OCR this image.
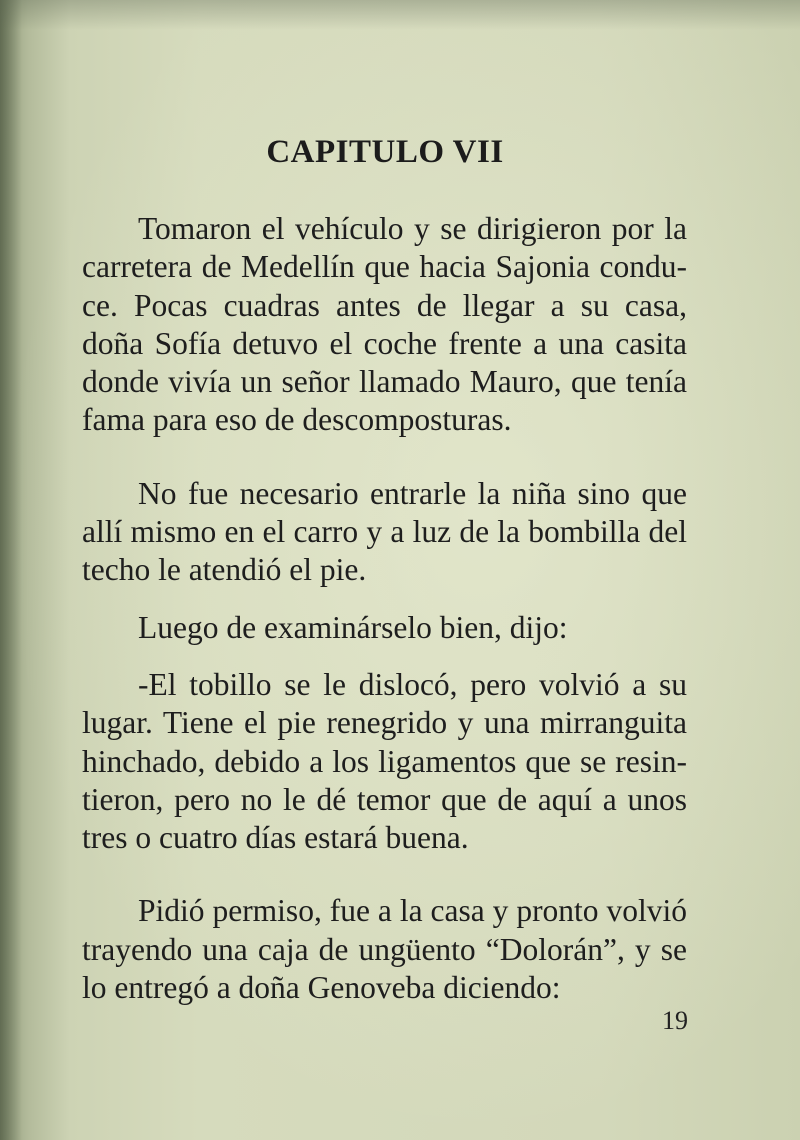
CAPITULO VII

Tomaron el vehículo y se dirigieron por la carretera de Medellín que hacia Sajonia conduce. Pocas cuadras antes de llegar a su casa, doña Sofía detuvo el coche frente a una casita donde vivía un señor llamado Mauro, que tenía fama para eso de descomposturas.

No fue necesario entrarle la niña sino que allí mismo en el carro y a luz de la bombilla del techo le atendió el pie.

Luego de examinárselo bien, dijo:

-El tobillo se le dislocó, pero volvió a su lugar. Tiene el pie renegrido y una mirranguita hinchado, debido a los ligamentos que se resintieron, pero no le dé temor que de aquí a unos tres o cuatro días estará buena.

Pidió permiso, fue a la casa y pronto volvió trayendo una caja de ungüento “Dolorán”, y se lo entregó a doña Genoveba diciendo:

19
